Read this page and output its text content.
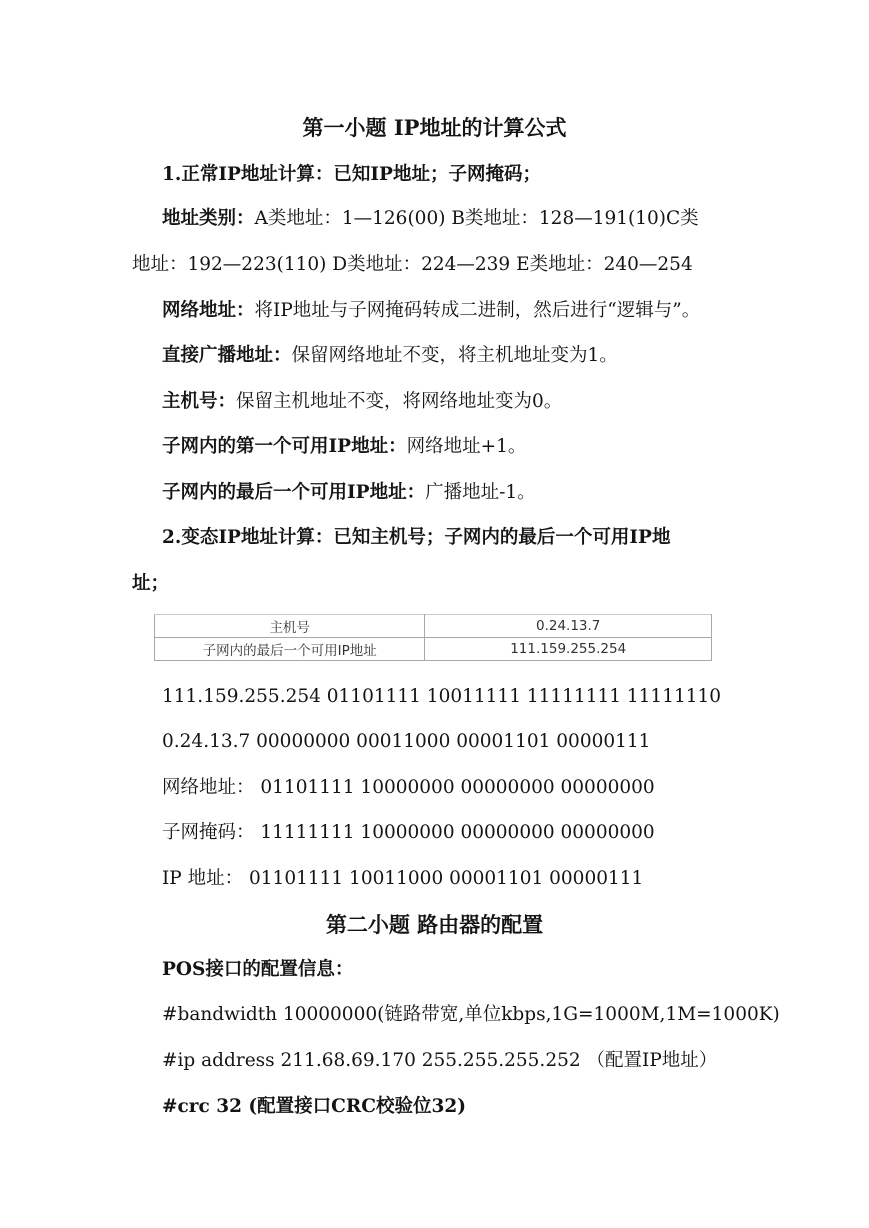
第一小题 IP地址的计算公式
1.正常IP地址计算：已知IP地址；子网掩码；
地址类别：A类地址：1—126(00) B类地址：128—191(10)C类
地址：192—223(110) D类地址：224—239 E类地址：240—254
网络地址：将IP地址与子网掩码转成二进制，然后进行“逻辑与”。
直接广播地址：保留网络地址不变，将主机地址变为1。
主机号：保留主机地址不变，将网络地址变为0。
子网内的第一个可用IP地址：网络地址+1。
子网内的最后一个可用IP地址：广播地址-1。
2.变态IP地址计算：已知主机号；子网内的最后一个可用IP地
址；
主机号	0.24.13.7
子网内的最后一个可用IP地址	111.159.255.254
111.159.255.254 01101111 10011111 11111111 11111110
0.24.13.7 00000000 00011000 00001101 00000111
网络地址： 01101111 10000000 00000000 00000000
子网掩码： 11111111 10000000 00000000 00000000
IP 地址： 01101111 10011000 00001101 00000111
第二小题 路由器的配置
POS接口的配置信息：
#bandwidth 10000000(链路带宽,单位kbps,1G=1000M,1M=1000K)
#ip address 211.68.69.170 255.255.255.252 （配置IP地址）
#crc 32 (配置接口CRC校验位32)
